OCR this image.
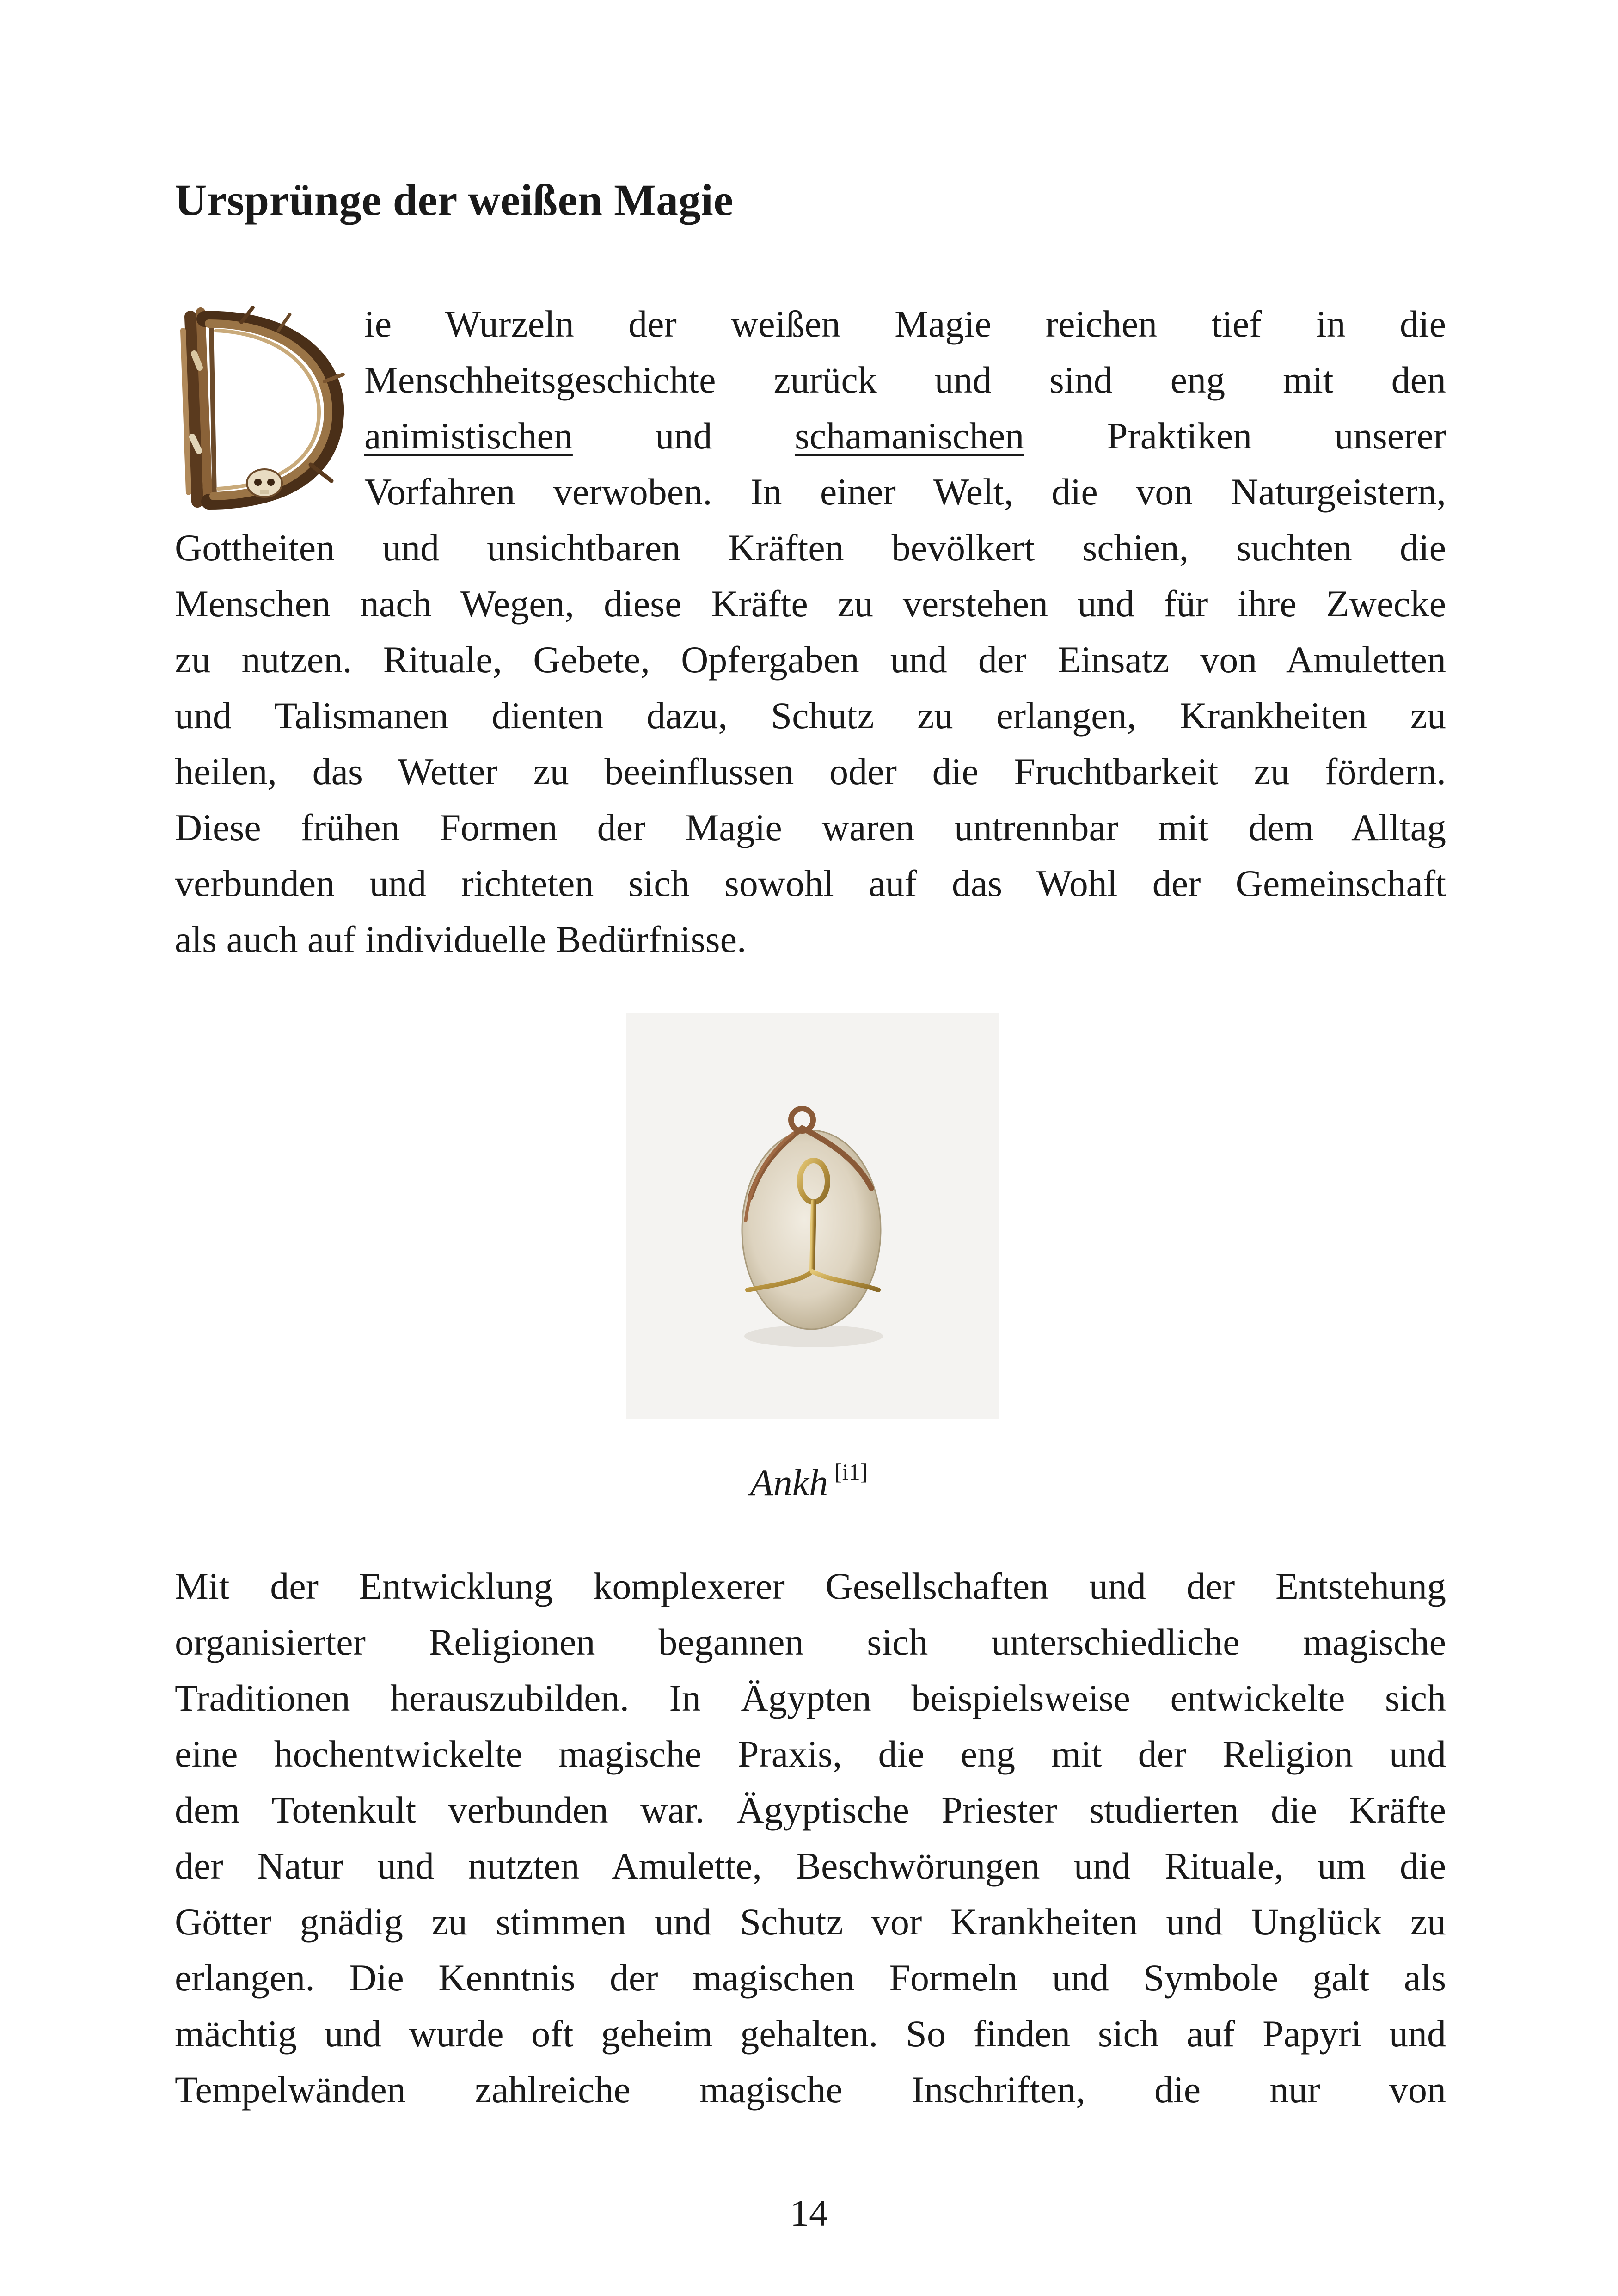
Ursprünge der weißen Magie
ie Wurzeln der weißen Magie reichen tief in die
Menschheitsgeschichte zurück und sind eng mit den
animistischen und schamanischen Praktiken unserer
Vorfahren verwoben. In einer Welt, die von Naturgeistern,
Gottheiten und unsichtbaren Kräften bevölkert schien, suchten die
Menschen nach Wegen, diese Kräfte zu verstehen und für ihre Zwecke
zu nutzen. Rituale, Gebete, Opfergaben und der Einsatz von Amuletten
und Talismanen dienten dazu, Schutz zu erlangen, Krankheiten zu
heilen, das Wetter zu beeinflussen oder die Fruchtbarkeit zu fördern.
Diese frühen Formen der Magie waren untrennbar mit dem Alltag
verbunden und richteten sich sowohl auf das Wohl der Gemeinschaft
als auch auf individuelle Bedürfnisse.
Ankh [i1]
Mit der Entwicklung komplexerer Gesellschaften und der Entstehung
organisierter Religionen begannen sich unterschiedliche magische
Traditionen herauszubilden. In Ägypten beispielsweise entwickelte sich
eine hochentwickelte magische Praxis, die eng mit der Religion und
dem Totenkult verbunden war. Ägyptische Priester studierten die Kräfte
der Natur und nutzten Amulette, Beschwörungen und Rituale, um die
Götter gnädig zu stimmen und Schutz vor Krankheiten und Unglück zu
erlangen. Die Kenntnis der magischen Formeln und Symbole galt als
mächtig und wurde oft geheim gehalten. So finden sich auf Papyri und
Tempelwänden zahlreiche magische Inschriften, die nur von
14
